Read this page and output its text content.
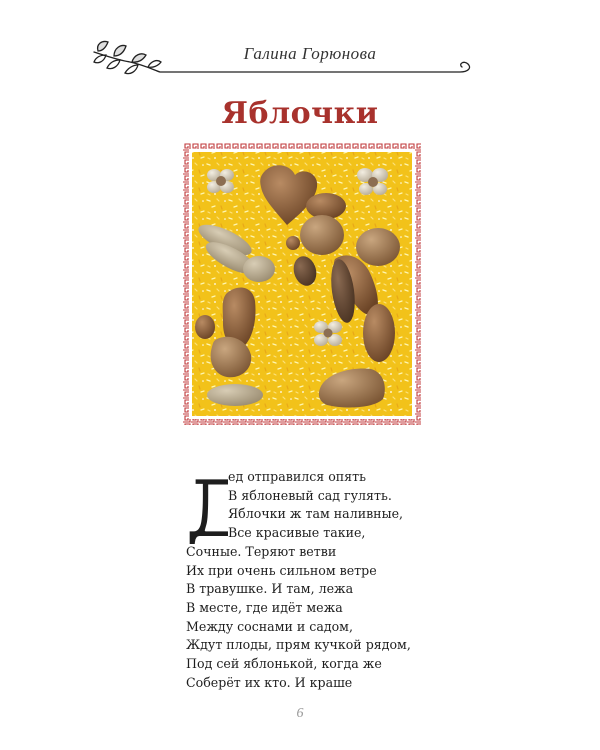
Галина Горюнова
Яблочки
Д
ед отправился опять
В яблоневый сад гулять.
Яблочки ж там наливные,
Все красивые такие,
Сочные. Теряют ветви
Их при очень сильном ветре
В травушке. И там, лежа
В месте, где идёт межа
Между соснами и садом,
Ждут плоды, прям кучкой рядом,
Под сей яблонькой, когда же
Соберёт их кто. И краше
6
